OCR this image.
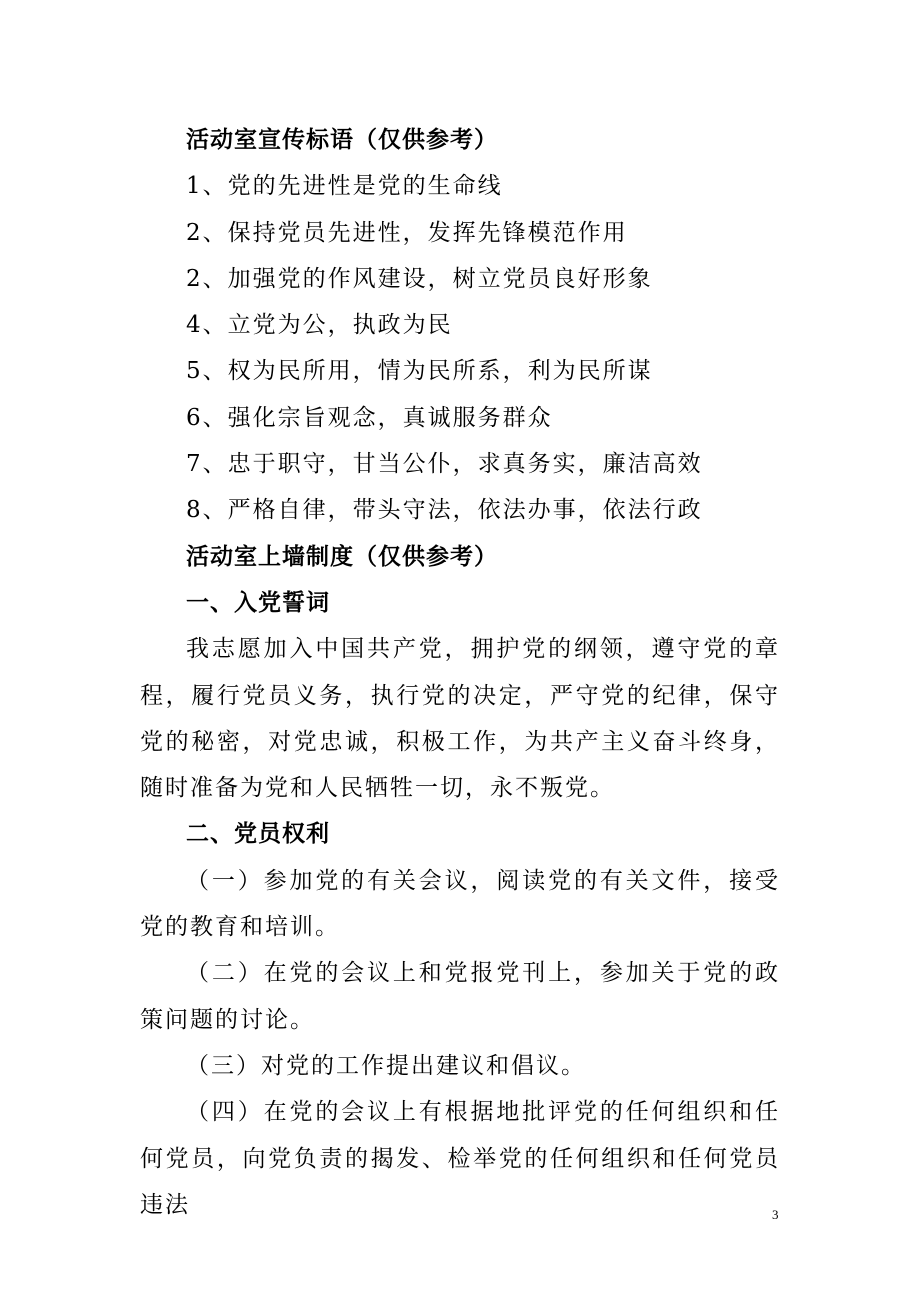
活动室宣传标语（仅供参考）
1、党的先进性是党的生命线
2、保持党员先进性，发挥先锋模范作用
2、加强党的作风建设，树立党员良好形象
4、立党为公，执政为民
5、权为民所用，情为民所系，利为民所谋
6、强化宗旨观念，真诚服务群众
7、忠于职守，甘当公仆，求真务实，廉洁高效
8、严格自律，带头守法，依法办事，依法行政
活动室上墙制度（仅供参考）
一、入党誓词

我志愿加入中国共产党，拥护党的纲领，遵守党的章程，履行党员义务，执行党的决定，严守党的纪律，保守党的秘密，对党忠诚，积极工作，为共产主义奋斗终身，随时准备为党和人民牺牲一切，永不叛党。

二、党员权利

（一）参加党的有关会议，阅读党的有关文件，接受党的教育和培训。

（二）在党的会议上和党报党刊上，参加关于党的政策问题的讨论。

（三）对党的工作提出建议和倡议。

（四）在党的会议上有根据地批评党的任何组织和任何党员，向党负责的揭发、检举党的任何组织和任何党员违法	3
